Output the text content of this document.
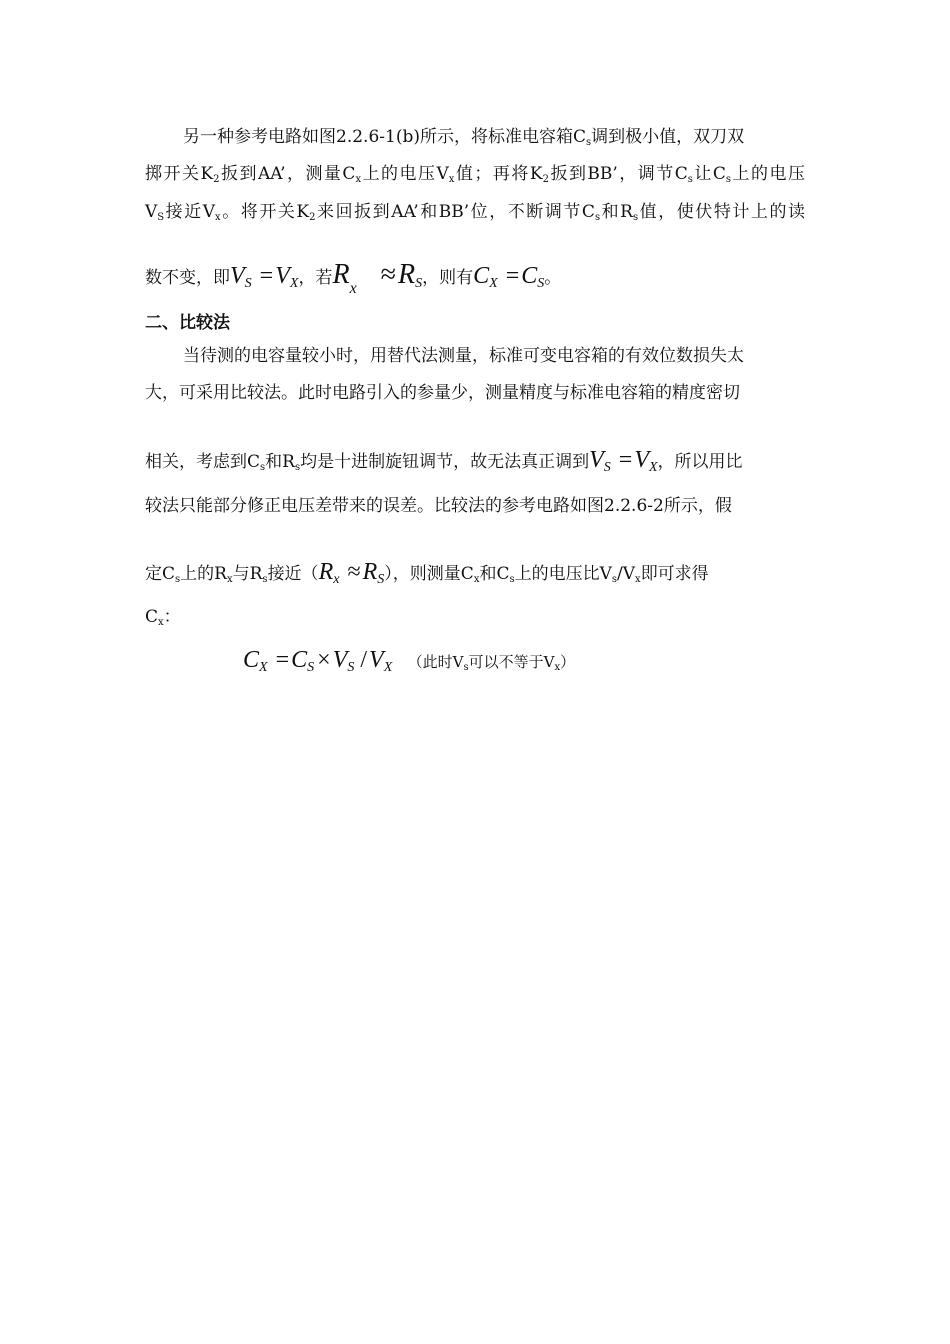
另一种参考电路如图2.2.6-1(b)所示，将标准电容箱$C_s$调到极小值，双刀双
掷开关$K_2$扳到AA’，测量$C_x$上的电压$V_x$值；再将$K_2$扳到BB’，调节$C_s$让$C_s$上的电压
$V_S$接近$V_x$。将开关$K_2$来回扳到AA’和BB’位，不断调节$C_s$和$R_s$值，使伏特计上的读
数不变，即VS =VX，若$R_x \approx RS$，则有CX =CS。
二、比较法
当待测的电容量较小时，用替代法测量，标准可变电容箱的有效位数损失太
大，可采用比较法。此时电路引入的参量少，测量精度与标准电容箱的精度密切
相关，考虑到$C_s$和$R_s$均是十进制旋钮调节，故无法真正调到VS =VX，所以用比
较法只能部分修正电压差带来的误差。比较法的参考电路如图2.2.6-2所示，假
定$C_s$上的$R_x$与$R_s$接近（Rx ≈RS），则测量$C_x$和$C_s$上的电压比$V_s/V_x$即可求得
$C_x$：
CX =CS ×VS /VX （此时$V_s$可以不等于$V_x$）
